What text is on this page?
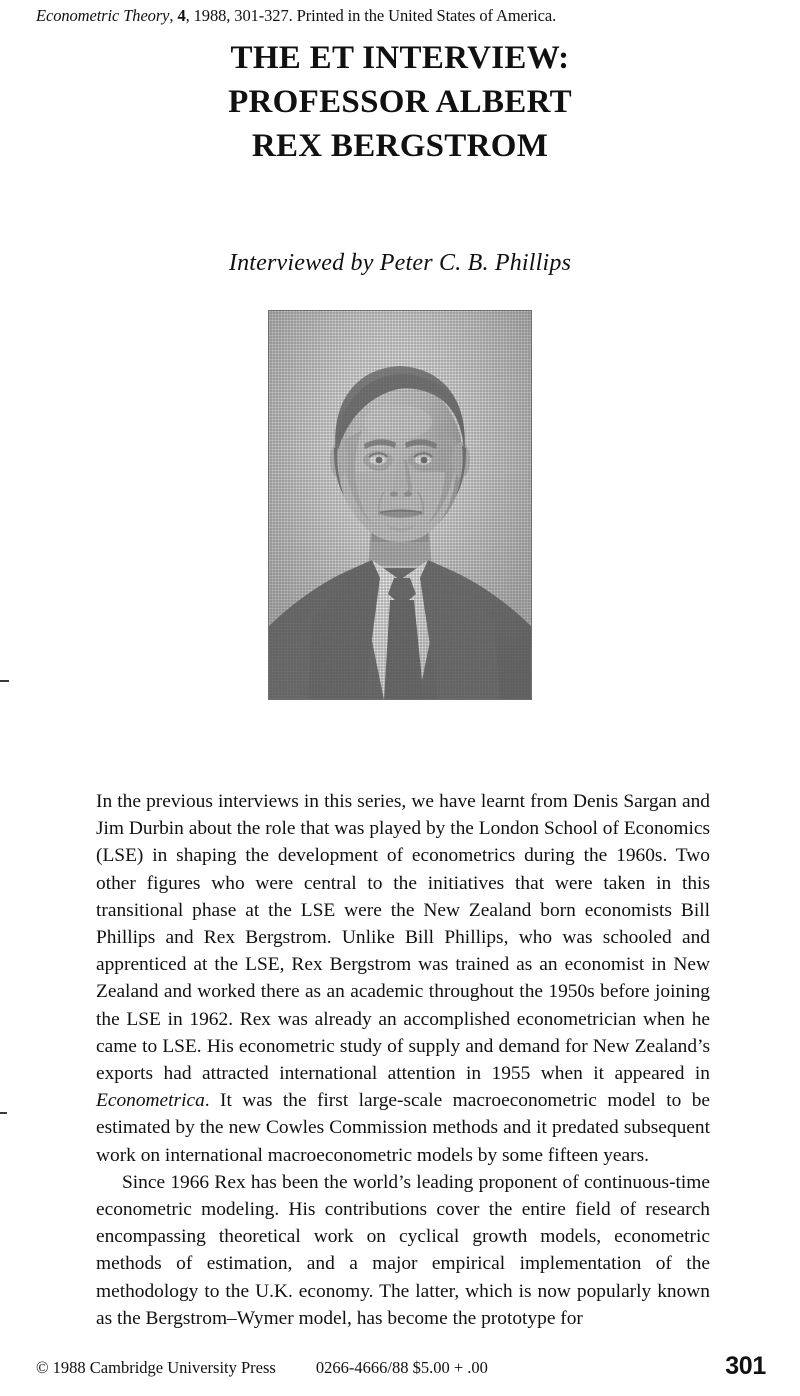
Econometric Theory, 4, 1988, 301-327. Printed in the United States of America.
THE ET INTERVIEW:
PROFESSOR ALBERT
REX BERGSTROM
Interviewed by Peter C. B. Phillips

In the previous interviews in this series, we have learnt from Denis Sargan and Jim Durbin about the role that was played by the London School of Economics (LSE) in shaping the development of econometrics during the 1960s. Two other figures who were central to the initiatives that were taken in this transitional phase at the LSE were the New Zealand born economists Bill Phillips and Rex Bergstrom. Unlike Bill Phillips, who was schooled and apprenticed at the LSE, Rex Bergstrom was trained as an economist in New Zealand and worked there as an academic throughout the 1950s before joining the LSE in 1962. Rex was already an accomplished econometrician when he came to LSE. His econometric study of supply and demand for New Zealand’s exports had attracted international attention in 1955 when it appeared in Econometrica. It was the first large-scale macroeconometric model to be estimated by the new Cowles Commission methods and it predated subsequent work on international macroeconometric models by some fifteen years.

Since 1966 Rex has been the world’s leading proponent of continuous-time econometric modeling. His contributions cover the entire field of research encompassing theoretical work on cyclical growth models, econometric methods of estimation, and a major empirical implementation of the methodology to the U.K. economy. The latter, which is now popularly known as the Bergstrom–Wymer model, has become the prototype for

© 1988 Cambridge University Press 0266-4666/88 $5.00 + .00	301
